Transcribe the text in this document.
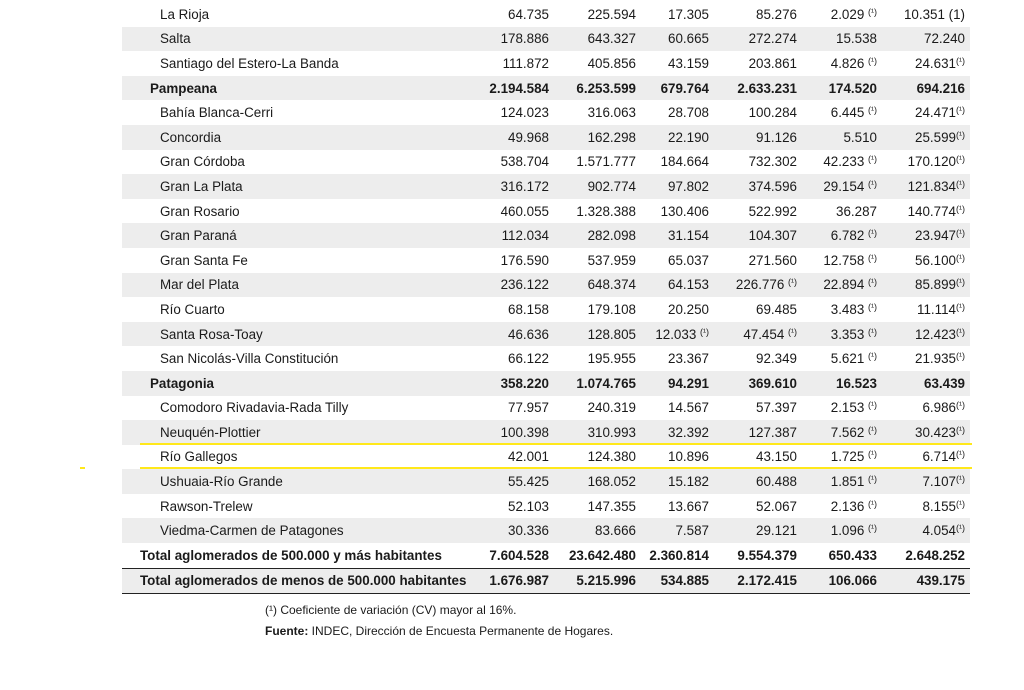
La Rioja	64.735	225.594	17.305	85.276	2.029 $^{(^1)}$	10.351 (1)
Salta	178.886	643.327	60.665	272.274	15.538	72.240
Santiago del Estero-La Banda	111.872	405.856	43.159	203.861	4.826 $^{(^1)}$	$24.631^{(^1)}$
Pampeana	2.194.584	6.253.599	679.764	2.633.231	174.520	694.216
Bahía Blanca-Cerri	124.023	316.063	28.708	100.284	6.445 $^{(^1)}$	$24.471^{(^1)}$
Concordia	49.968	162.298	22.190	91.126	5.510	$25.599^{(^1)}$
Gran Córdoba	538.704	1.571.777	184.664	732.302	42.233 $^{(^1)}$	$170.120^{(^1)}$
Gran La Plata	316.172	902.774	97.802	374.596	29.154 $^{(^1)}$	$121.834^{(^1)}$
Gran Rosario	460.055	1.328.388	130.406	522.992	36.287	$140.774^{(^1)}$
Gran Paraná	112.034	282.098	31.154	104.307	6.782 $^{(^1)}$	$23.947^{(^1)}$
Gran Santa Fe	176.590	537.959	65.037	271.560	12.758 $^{(^1)}$	$56.100^{(^1)}$
Mar del Plata	236.122	648.374	64.153	226.776 $^{(^1)}$	22.894 $^{(^1)}$	$85.899^{(^1)}$
Río Cuarto	68.158	179.108	20.250	69.485	3.483 $^{(^1)}$	$11.114^{(^1)}$
Santa Rosa-Toay	46.636	128.805	12.033 $^{(^1)}$	47.454 $^{(^1)}$	3.353 $^{(^1)}$	$12.423^{(^1)}$
San Nicolás-Villa Constitución	66.122	195.955	23.367	92.349	5.621 $^{(^1)}$	$21.935^{(^1)}$
Patagonia	358.220	1.074.765	94.291	369.610	16.523	63.439
Comodoro Rivadavia-Rada Tilly	77.957	240.319	14.567	57.397	2.153 $^{(^1)}$	$6.986^{(^1)}$
Neuquén-Plottier	100.398	310.993	32.392	127.387	7.562 $^{(^1)}$	$30.423^{(^1)}$
Río Gallegos	42.001	124.380	10.896	43.150	1.725 $^{(^1)}$	$6.714^{(^1)}$
Ushuaia-Río Grande	55.425	168.052	15.182	60.488	1.851 $^{(^1)}$	$7.107^{(^1)}$
Rawson-Trelew	52.103	147.355	13.667	52.067	2.136 $^{(^1)}$	$8.155^{(^1)}$
Viedma-Carmen de Patagones	30.336	83.666	7.587	29.121	1.096 $^{(^1)}$	$4.054^{(^1)}$
Total aglomerados de 500.000 y más habitantes	7.604.528	23.642.480	2.360.814	9.554.379	650.433	2.648.252
Total aglomerados de menos de 500.000 habitantes	1.676.987	5.215.996	534.885	2.172.415	106.066	439.175
(¹) Coeficiente de variación (CV) mayor al 16%.
Fuente: INDEC, Dirección de Encuesta Permanente de Hogares.
